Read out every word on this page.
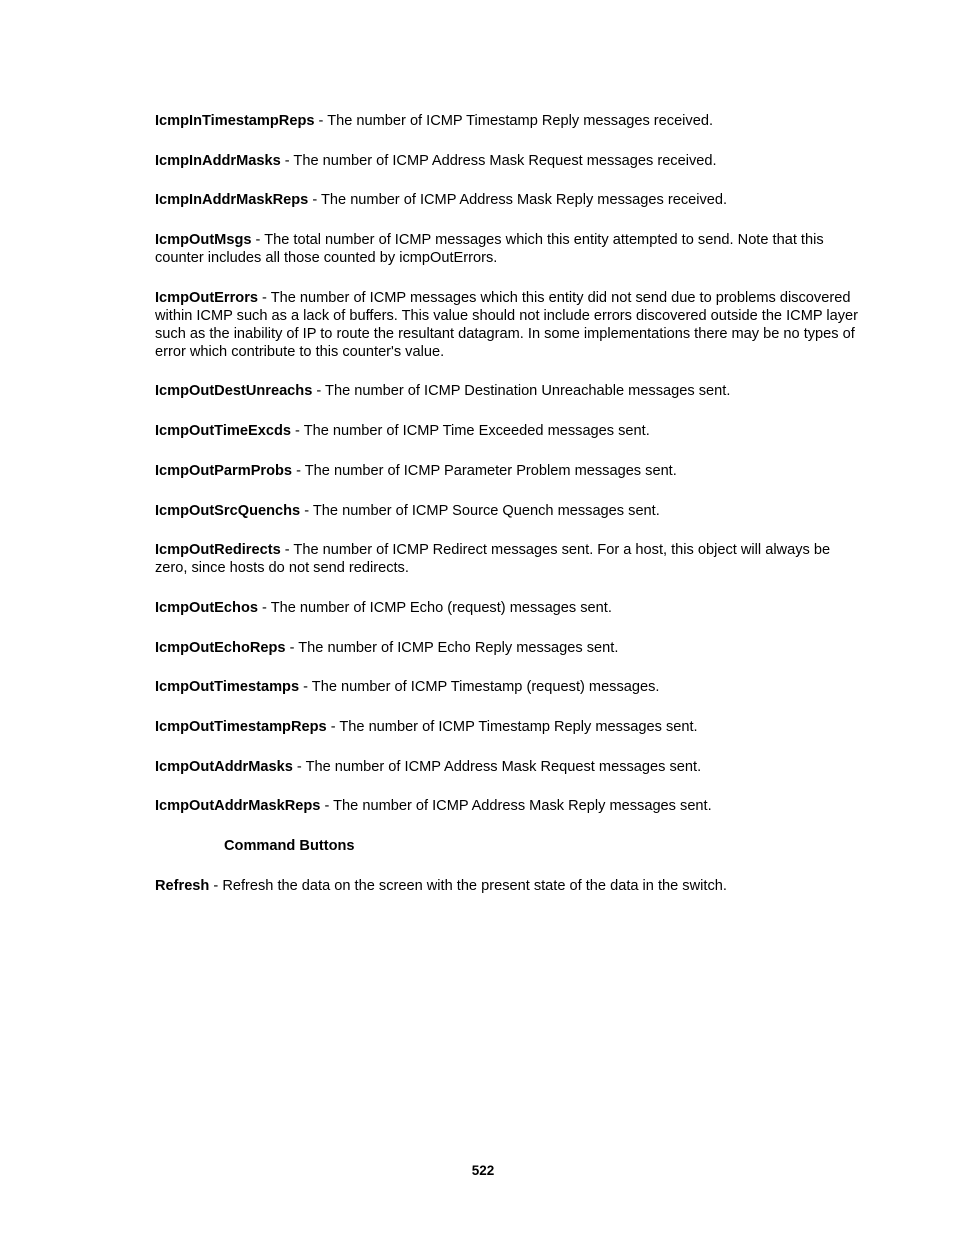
IcmpInTimestampReps - The number of ICMP Timestamp Reply messages received.

IcmpInAddrMasks - The number of ICMP Address Mask Request messages received.

IcmpInAddrMaskReps - The number of ICMP Address Mask Reply messages received.

IcmpOutMsgs - The total number of ICMP messages which this entity attempted to send. Note that this counter includes all those counted by icmpOutErrors.

IcmpOutErrors - The number of ICMP messages which this entity did not send due to problems discovered within ICMP such as a lack of buffers. This value should not include errors discovered outside the ICMP layer such as the inability of IP to route the resultant datagram. In some implementations there may be no types of error which contribute to this counter's value.

IcmpOutDestUnreachs - The number of ICMP Destination Unreachable messages sent.

IcmpOutTimeExcds - The number of ICMP Time Exceeded messages sent.

IcmpOutParmProbs - The number of ICMP Parameter Problem messages sent.

IcmpOutSrcQuenchs - The number of ICMP Source Quench messages sent.

IcmpOutRedirects - The number of ICMP Redirect messages sent. For a host, this object will always be zero, since hosts do not send redirects.

IcmpOutEchos - The number of ICMP Echo (request) messages sent.

IcmpOutEchoReps - The number of ICMP Echo Reply messages sent.

IcmpOutTimestamps - The number of ICMP Timestamp (request) messages.

IcmpOutTimestampReps - The number of ICMP Timestamp Reply messages sent.

IcmpOutAddrMasks - The number of ICMP Address Mask Request messages sent.

IcmpOutAddrMaskReps - The number of ICMP Address Mask Reply messages sent.

Command Buttons

Refresh - Refresh the data on the screen with the present state of the data in the switch.

522
